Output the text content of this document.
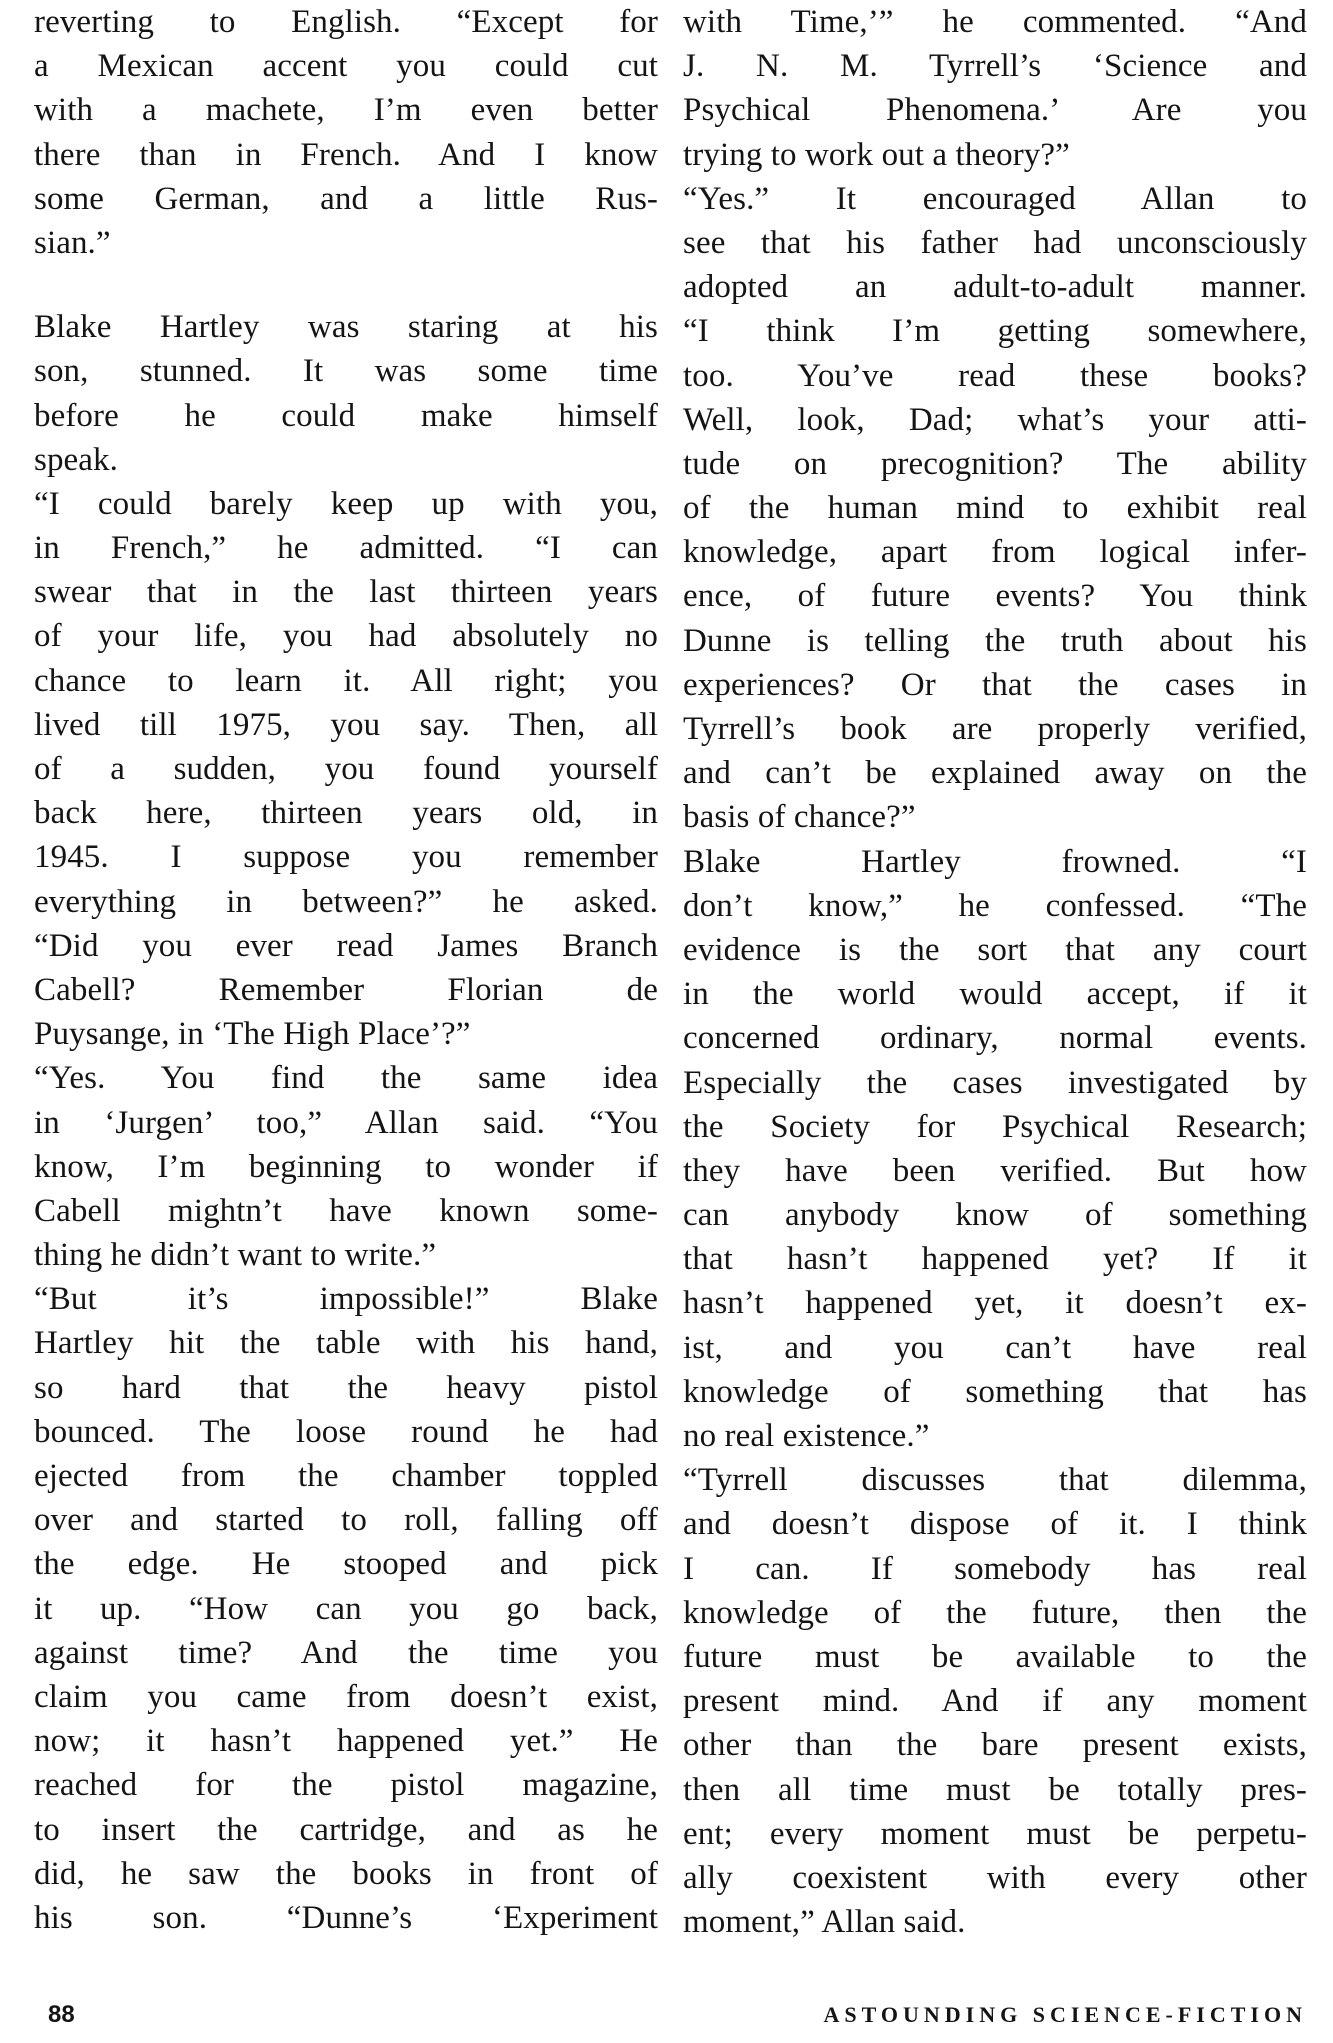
reverting to English. “Except for
a Mexican accent you could cut
with a machete, I’m even better
there than in French. And I know
some German, and a little Rus-
sian.”
Blake Hartley was staring at his
son, stunned. It was some time
before he could make himself
speak.
“I could barely keep up with you,
in French,” he admitted. “I can
swear that in the last thirteen years
of your life, you had absolutely no
chance to learn it. All right; you
lived till 1975, you say. Then, all
of a sudden, you found yourself
back here, thirteen years old, in
1945. I suppose you remember
everything in between?” he asked.
“Did you ever read James Branch
Cabell? Remember Florian de
Puysange, in ‘The High Place’?”
“Yes. You find the same idea
in ‘Jurgen’ too,” Allan said. “You
know, I’m beginning to wonder if
Cabell mightn’t have known some-
thing he didn’t want to write.”
“But it’s impossible!” Blake
Hartley hit the table with his hand,
so hard that the heavy pistol
bounced. The loose round he had
ejected from the chamber toppled
over and started to roll, falling off
the edge. He stooped and pick
it up. “How can you go back,
against time? And the time you
claim you came from doesn’t exist,
now; it hasn’t happened yet.” He
reached for the pistol magazine,
to insert the cartridge, and as he
did, he saw the books in front of
his son. “Dunne’s ‘Experiment
with Time,’” he commented. “And
J. N. M. Tyrrell’s ‘Science and
Psychical Phenomena.’ Are you
trying to work out a theory?”
“Yes.” It encouraged Allan to
see that his father had unconsciously
adopted an adult-to-adult manner.
“I think I’m getting somewhere,
too. You’ve read these books?
Well, look, Dad; what’s your atti-
tude on precognition? The ability
of the human mind to exhibit real
knowledge, apart from logical infer-
ence, of future events? You think
Dunne is telling the truth about his
experiences? Or that the cases in
Tyrrell’s book are properly verified,
and can’t be explained away on the
basis of chance?”
Blake Hartley frowned. “I
don’t know,” he confessed. “The
evidence is the sort that any court
in the world would accept, if it
concerned ordinary, normal events.
Especially the cases investigated by
the Society for Psychical Research;
they have been verified. But how
can anybody know of something
that hasn’t happened yet? If it
hasn’t happened yet, it doesn’t ex-
ist, and you can’t have real
knowledge of something that has
no real existence.”
“Tyrrell discusses that dilemma,
and doesn’t dispose of it. I think
I can. If somebody has real
knowledge of the future, then the
future must be available to the
present mind. And if any moment
other than the bare present exists,
then all time must be totally pres-
ent; every moment must be perpetu-
ally coexistent with every other
moment,” Allan said.
88	ASTOUNDING SCIENCE-FICTION
